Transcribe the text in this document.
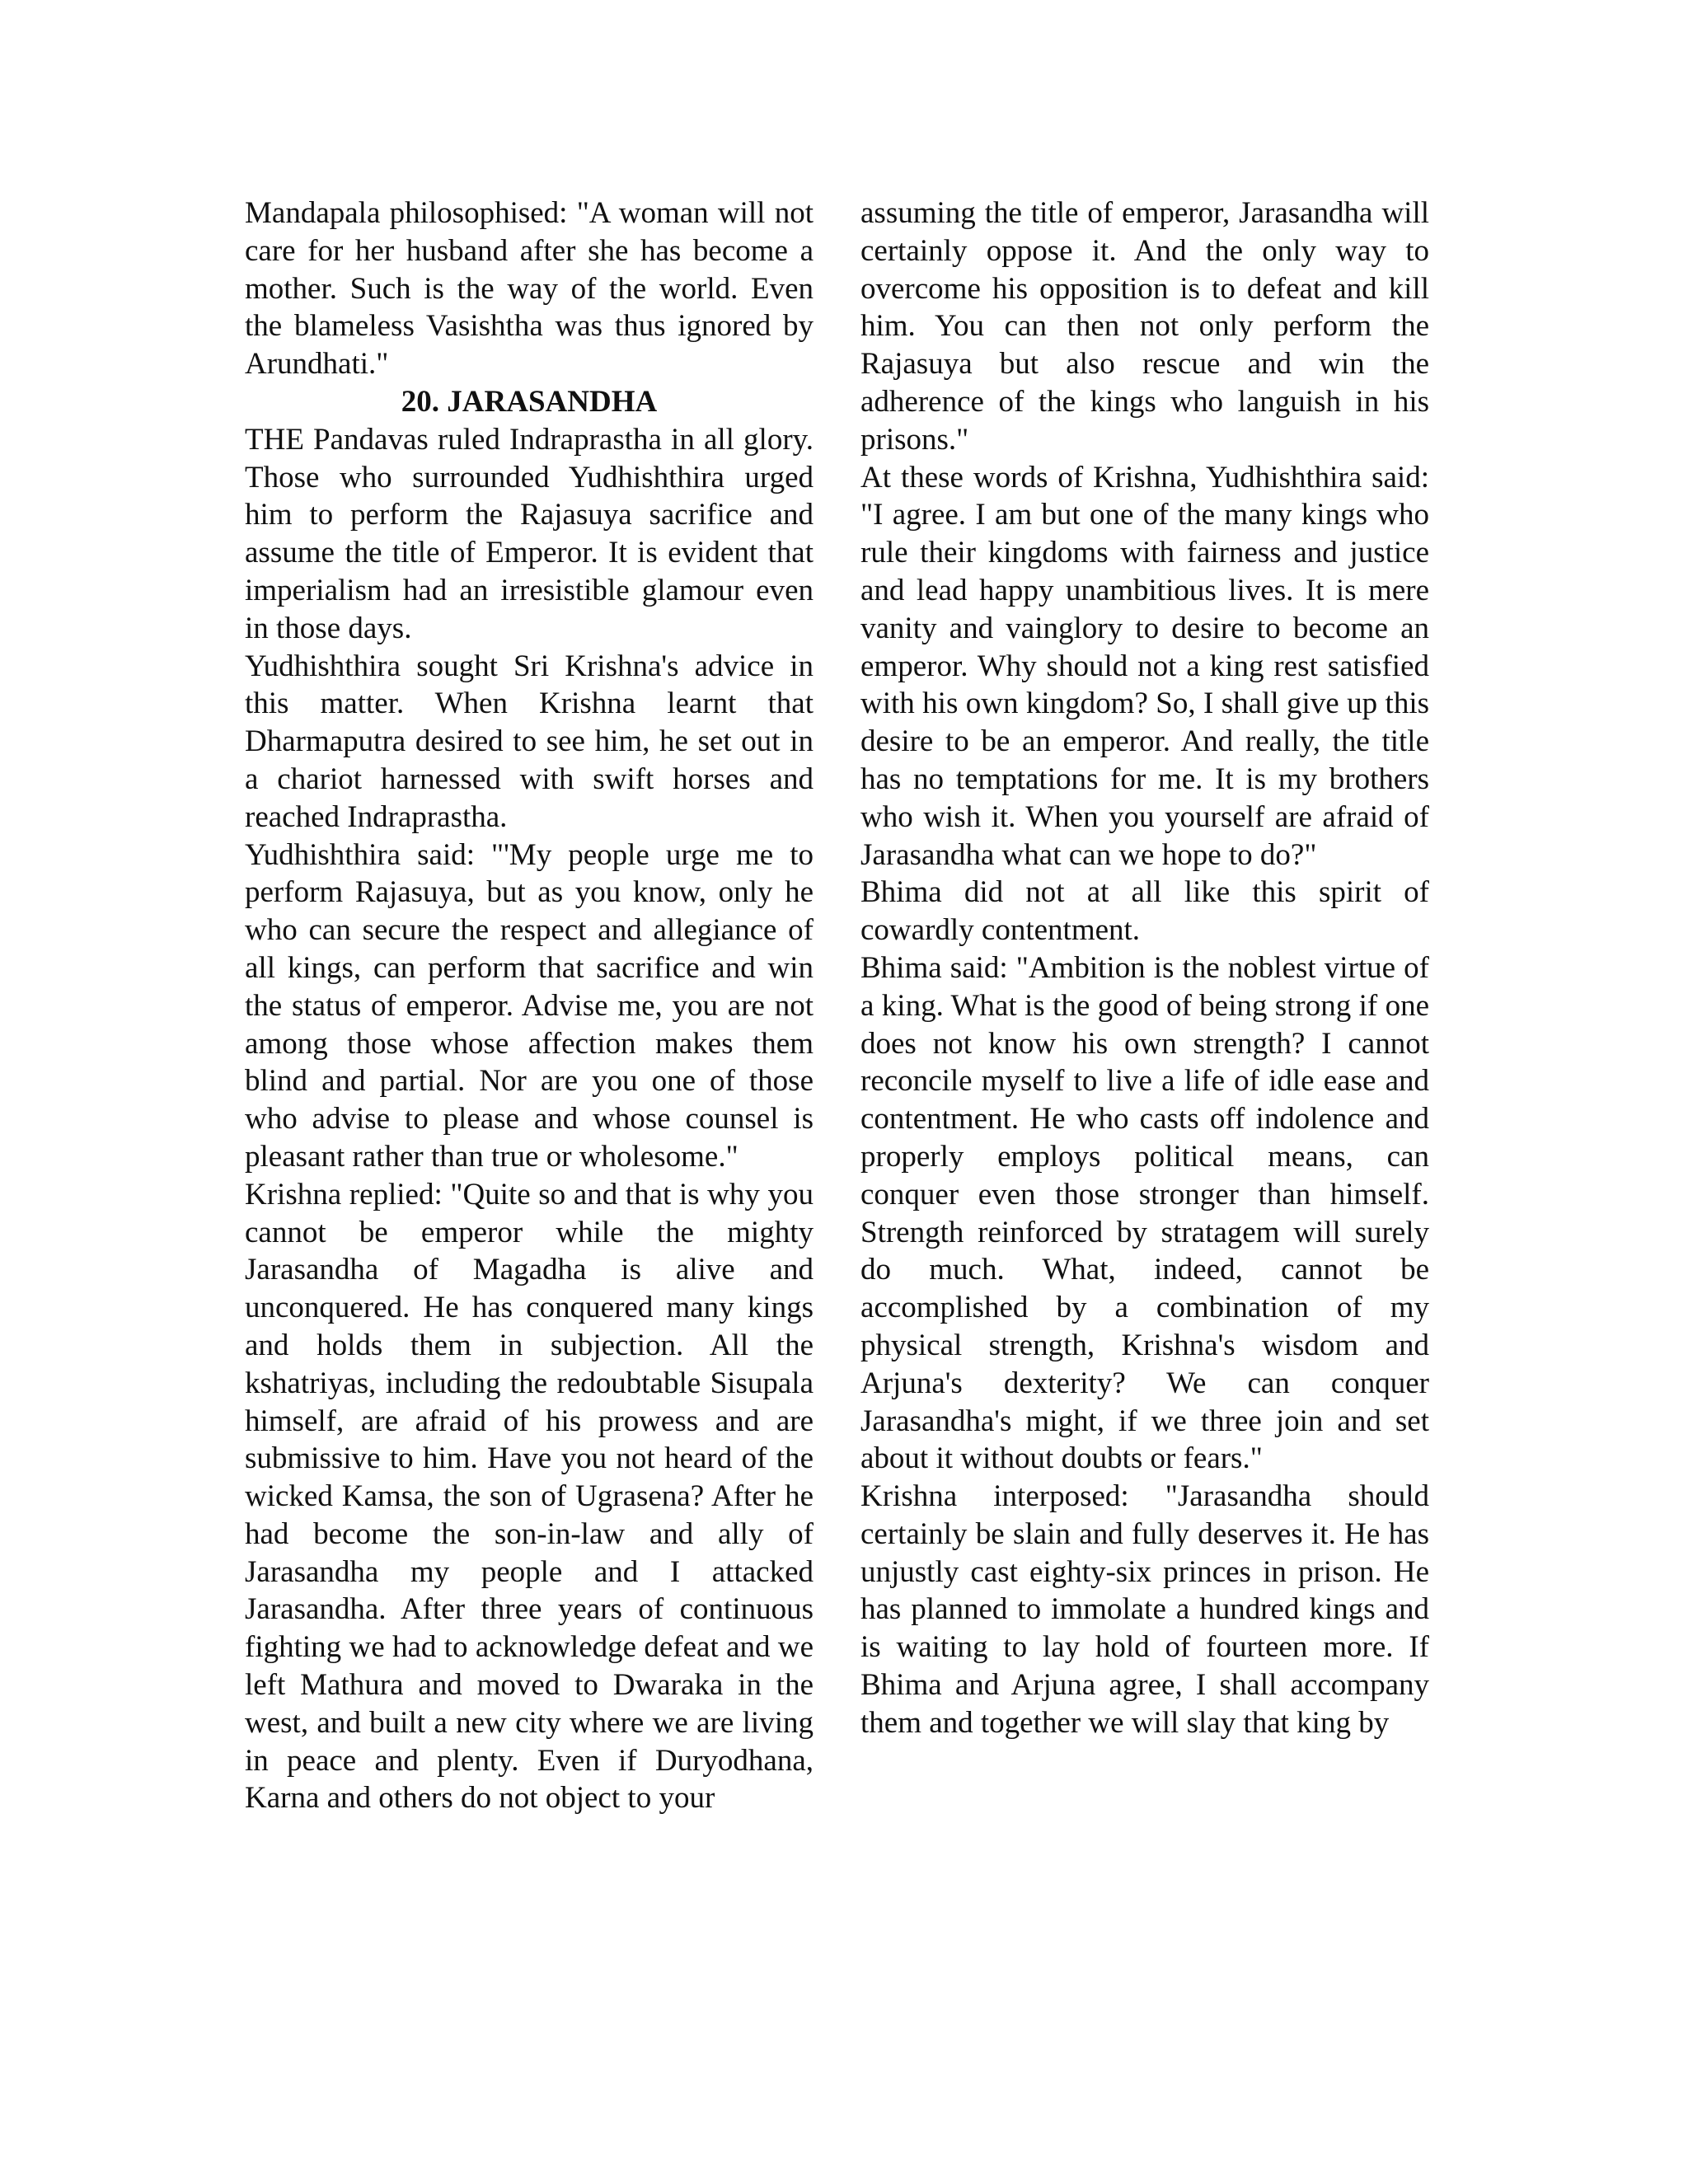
Mandapala philosophised: "A woman will not care for her husband after she has become a mother. Such is the way of the world. Even the blameless Vasishtha was thus ignored by Arundhati."

20. JARASANDHA

THE Pandavas ruled Indraprastha in all glory. Those who surrounded Yudhishthira urged him to perform the Rajasuya sacrifice and assume the title of Emperor. It is evident that imperialism had an irresistible glamour even in those days.

Yudhishthira sought Sri Krishna's advice in this matter. When Krishna learnt that Dharmaputra desired to see him, he set out in a chariot harnessed with swift horses and reached Indraprastha.

Yudhishthira said: "'My people urge me to perform Rajasuya, but as you know, only he who can secure the respect and allegiance of all kings, can perform that sacrifice and win the status of emperor. Advise me, you are not among those whose affection makes them blind and partial. Nor are you one of those who advise to please and whose counsel is pleasant rather than true or wholesome."

Krishna replied: "Quite so and that is why you cannot be emperor while the mighty Jarasandha of Magadha is alive and unconquered. He has conquered many kings and holds them in subjection. All the kshatriyas, including the redoubtable Sisupala himself, are afraid of his prowess and are submissive to him. Have you not heard of the wicked Kamsa, the son of Ugrasena? After he had become the son-in-law and ally of Jarasandha my people and I attacked Jarasandha. After three years of continuous fighting we had to acknowledge defeat and we left Mathura and moved to Dwaraka in the west, and built a new city where we are living in peace and plenty. Even if Duryodhana, Karna and others do not object to your

assuming the title of emperor, Jarasandha will certainly oppose it. And the only way to overcome his opposition is to defeat and kill him. You can then not only perform the Rajasuya but also rescue and win the adherence of the kings who languish in his prisons."

At these words of Krishna, Yudhishthira said: "I agree. I am but one of the many kings who rule their kingdoms with fairness and justice and lead happy unambitious lives. It is mere vanity and vainglory to desire to become an emperor. Why should not a king rest satisfied with his own kingdom? So, I shall give up this desire to be an emperor. And really, the title has no temptations for me. It is my brothers who wish it. When you yourself are afraid of Jarasandha what can we hope to do?"

Bhima did not at all like this spirit of cowardly contentment.

Bhima said: "Ambition is the noblest virtue of a king. What is the good of being strong if one does not know his own strength? I cannot reconcile myself to live a life of idle ease and contentment. He who casts off indolence and properly employs political means, can conquer even those stronger than himself. Strength reinforced by stratagem will surely do much. What, indeed, cannot be accomplished by a combination of my physical strength, Krishna's wisdom and Arjuna's dexterity? We can conquer Jarasandha's might, if we three join and set about it without doubts or fears."

Krishna interposed: "Jarasandha should certainly be slain and fully deserves it. He has unjustly cast eighty-six princes in prison. He has planned to immolate a hundred kings and is waiting to lay hold of fourteen more. If Bhima and Arjuna agree, I shall accompany them and together we will slay that king by
